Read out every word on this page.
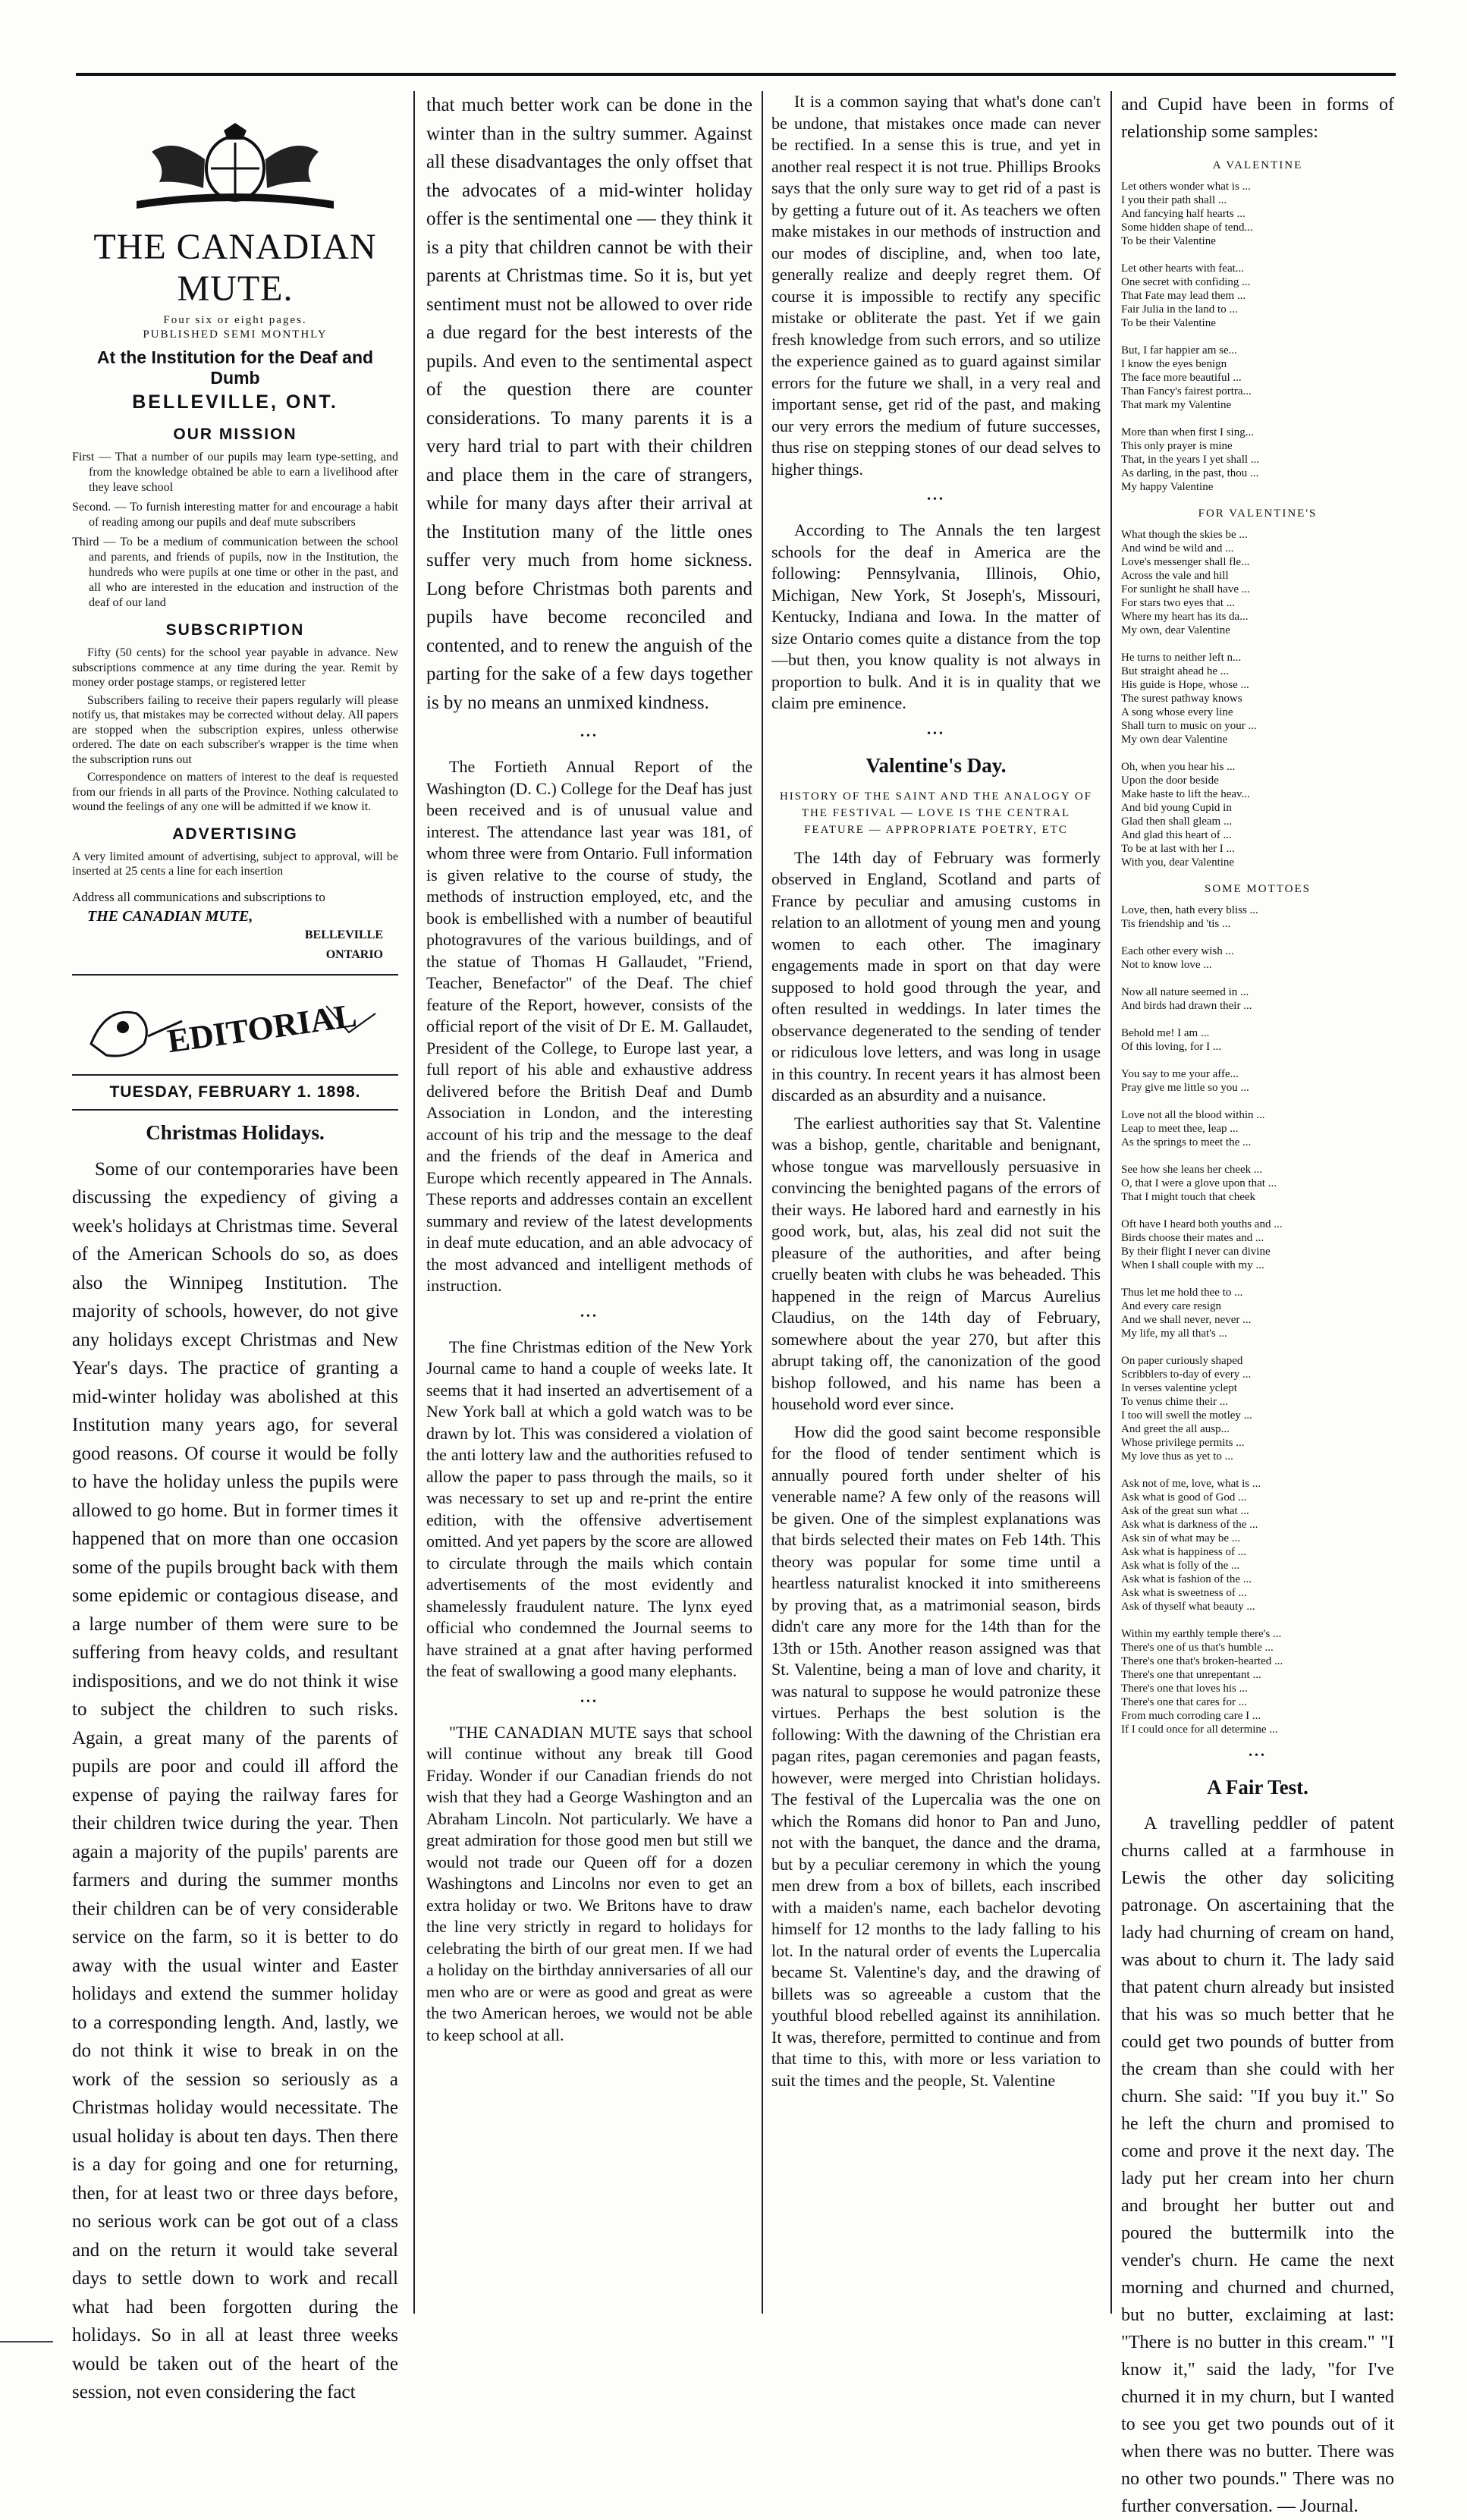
THE CANADIAN MUTE.
Four six or eight pages.
PUBLISHED SEMI MONTHLY
At the Institution for the Deaf and Dumb
BELLEVILLE, ONT.
OUR MISSION

First — That a number of our pupils may learn type-setting, and from the knowledge obtained be able to earn a livelihood after they leave school

Second. — To furnish interesting matter for and encourage a habit of reading among our pupils and deaf mute subscribers

Third — To be a medium of communication between the school and parents, and friends of pupils, now in the Institution, the hundreds who were pupils at one time or other in the past, and all who are interested in the education and instruction of the deaf of our land

SUBSCRIPTION

Fifty (50 cents) for the school year payable in advance. New subscriptions commence at any time during the year. Remit by money order postage stamps, or registered letter

Subscribers failing to receive their papers regularly will please notify us, that mistakes may be corrected without delay. All papers are stopped when the subscription expires, unless otherwise ordered. The date on each subscriber's wrapper is the time when the subscription runs out

Correspondence on matters of interest to the deaf is requested from our friends in all parts of the Province. Nothing calculated to wound the feelings of any one will be admitted if we know it.

ADVERTISING

A very limited amount of advertising, subject to approval, will be inserted at 25 cents a line for each insertion

Address all communications and subscriptions to
THE CANADIAN MUTE,
BELLEVILLE
ONTARIO
EDITORIAL
TUESDAY, FEBRUARY 1. 1898.
Christmas Holidays.

Some of our contemporaries have been discussing the expediency of giving a week's holidays at Christmas time. Several of the American Schools do so, as does also the Winnipeg Institution. The majority of schools, however, do not give any holidays except Christmas and New Year's days. The practice of granting a mid-winter holiday was abolished at this Institution many years ago, for several good reasons. Of course it would be folly to have the holiday unless the pupils were allowed to go home. But in former times it happened that on more than one occasion some of the pupils brought back with them some epidemic or contagious disease, and a large number of them were sure to be suffering from heavy colds, and resultant indispositions, and we do not think it wise to subject the children to such risks. Again, a great many of the parents of pupils are poor and could ill afford the expense of paying the railway fares for their children twice during the year. Then again a majority of the pupils' parents are farmers and during the summer months their children can be of very considerable service on the farm, so it is better to do away with the usual winter and Easter holidays and extend the summer holiday to a corresponding length. And, lastly, we do not think it wise to break in on the work of the session so seriously as a Christmas holiday would necessitate. The usual holiday is about ten days. Then there is a day for going and one for returning, then, for at least two or three days before, no serious work can be got out of a class and on the return it would take several days to settle down to work and recall what had been forgotten during the holidays. So in all at least three weeks would be taken out of the heart of the session, not even considering the fact

that much better work can be done in the winter than in the sultry summer. Against all these disadvantages the only offset that the advocates of a mid-winter holiday offer is the sentimental one — they think it is a pity that children cannot be with their parents at Christmas time. So it is, but yet sentiment must not be allowed to over ride a due regard for the best interests of the pupils. And even to the sentimental aspect of the question there are counter considerations. To many parents it is a very hard trial to part with their children and place them in the care of strangers, while for many days after their arrival at the Institution many of the little ones suffer very much from home sickness. Long before Christmas both parents and pupils have become reconciled and contented, and to renew the anguish of the parting for the sake of a few days together is by no means an unmixed kindness.

•••

The Fortieth Annual Report of the Washington (D. C.) College for the Deaf has just been received and is of unusual value and interest. The attendance last year was 181, of whom three were from Ontario. Full information is given relative to the course of study, the methods of instruction employed, etc, and the book is embellished with a number of beautiful photogravures of the various buildings, and of the statue of Thomas H Gallaudet, "Friend, Teacher, Benefactor" of the Deaf. The chief feature of the Report, however, consists of the official report of the visit of Dr E. M. Gallaudet, President of the College, to Europe last year, a full report of his able and exhaustive address delivered before the British Deaf and Dumb Association in London, and the interesting account of his trip and the message to the deaf and the friends of the deaf in America and Europe which recently appeared in The Annals. These reports and addresses contain an excellent summary and review of the latest developments in deaf mute education, and an able advocacy of the most advanced and intelligent methods of instruction.

•••

The fine Christmas edition of the New York Journal came to hand a couple of weeks late. It seems that it had inserted an advertisement of a New York ball at which a gold watch was to be drawn by lot. This was considered a violation of the anti lottery law and the authorities refused to allow the paper to pass through the mails, so it was necessary to set up and re-print the entire edition, with the offensive advertisement omitted. And yet papers by the score are allowed to circulate through the mails which contain advertisements of the most evidently and shamelessly fraudulent nature. The lynx eyed official who condemned the Journal seems to have strained at a gnat after having performed the feat of swallowing a good many elephants.

•••

"THE CANADIAN MUTE says that school will continue without any break till Good Friday. Wonder if our Canadian friends do not wish that they had a George Washington and an Abraham Lincoln. Not particularly. We have a great admiration for those good men but still we would not trade our Queen off for a dozen Washingtons and Lincolns nor even to get an extra holiday or two. We Britons have to draw the line very strictly in regard to holidays for celebrating the birth of our great men. If we had a holiday on the birthday anniversaries of all our men who are or were as good and great as were the two American heroes, we would not be able to keep school at all.

It is a common saying that what's done can't be undone, that mistakes once made can never be rectified. In a sense this is true, and yet in another real respect it is not true. Phillips Brooks says that the only sure way to get rid of a past is by getting a future out of it. As teachers we often make mistakes in our methods of instruction and our modes of discipline, and, when too late, generally realize and deeply regret them. Of course it is impossible to rectify any specific mistake or obliterate the past. Yet if we gain fresh knowledge from such errors, and so utilize the experience gained as to guard against similar errors for the future we shall, in a very real and important sense, get rid of the past, and making our very errors the medium of future successes, thus rise on stepping stones of our dead selves to higher things.

•••

According to The Annals the ten largest schools for the deaf in America are the following: Pennsylvania, Illinois, Ohio, Michigan, New York, St Joseph's, Missouri, Kentucky, Indiana and Iowa. In the matter of size Ontario comes quite a distance from the top—but then, you know quality is not always in proportion to bulk. And it is in quality that we claim pre eminence.

•••
Valentine's Day.
HISTORY OF THE SAINT AND THE ANALOGY OF THE FESTIVAL — LOVE IS THE CENTRAL FEATURE — APPROPRIATE POETRY, ETC

The 14th day of February was formerly observed in England, Scotland and parts of France by peculiar and amusing customs in relation to an allotment of young men and young women to each other. The imaginary engagements made in sport on that day were supposed to hold good through the year, and often resulted in weddings. In later times the observance degenerated to the sending of tender or ridiculous love letters, and was long in usage in this country. In recent years it has almost been discarded as an absurdity and a nuisance.

The earliest authorities say that St. Valentine was a bishop, gentle, charitable and benignant, whose tongue was marvellously persuasive in convincing the benighted pagans of the errors of their ways. He labored hard and earnestly in his good work, but, alas, his zeal did not suit the pleasure of the authorities, and after being cruelly beaten with clubs he was beheaded. This happened in the reign of Marcus Aurelius Claudius, on the 14th day of February, somewhere about the year 270, but after this abrupt taking off, the canonization of the good bishop followed, and his name has been a household word ever since.

How did the good saint become responsible for the flood of tender sentiment which is annually poured forth under shelter of his venerable name? A few only of the reasons will be given. One of the simplest explanations was that birds selected their mates on Feb 14th. This theory was popular for some time until a heartless naturalist knocked it into smithereens by proving that, as a matrimonial season, birds didn't care any more for the 14th than for the 13th or 15th. Another reason assigned was that St. Valentine, being a man of love and charity, it was natural to suppose he would patronize these virtues. Perhaps the best solution is the following: With the dawning of the Christian era pagan rites, pagan ceremonies and pagan feasts, however, were merged into Christian holidays. The festival of the Lupercalia was the one on which the Romans did honor to Pan and Juno, not with the banquet, the dance and the drama, but by a peculiar ceremony in which the young men drew from a box of billets, each inscribed with a maiden's name, each bachelor devoting himself for 12 months to the lady falling to his lot. In the natural order of events the Lupercalia became St. Valentine's day, and the drawing of billets was so agreeable a custom that the youthful blood rebelled against its annihilation. It was, therefore, permitted to continue and from that time to this, with more or less variation to suit the times and the people, St. Valentine

and Cupid have been in forms of relationship some samples:

A VALENTINE
Let others wonder what is ...
I you their path shall ...
And fancying half hearts ...
Some hidden shape of tend...
To be their Valentine

Let other hearts with feat...
One secret with confiding ...
That Fate may lead them ...
Fair Julia in the land to ...
To be their Valentine

But, I far happier am se...
I know the eyes benign
The face more beautiful ...
Than Fancy's fairest portra...
That mark my Valentine

More than when first I sing...
This only prayer is mine
That, in the years I yet shall ...
As darling, in the past, thou ...
My happy Valentine
FOR VALENTINE'S
What though the skies be ...
And wind be wild and ...
Love's messenger shall fle...
Across the vale and hill
For sunlight he shall have ...
For stars two eyes that ...
Where my heart has its da...
My own, dear Valentine

He turns to neither left n...
But straight ahead he ...
His guide is Hope, whose ...
The surest pathway knows
A song whose every line
Shall turn to music on your ...
My own dear Valentine

Oh, when you hear his ...
Upon the door beside
Make haste to lift the heav...
And bid young Cupid in
Glad then shall gleam ...
And glad this heart of ...
To be at last with her I ...
With you, dear Valentine
SOME MOTTOES
Love, then, hath every bliss ...
Tis friendship and 'tis ...

Each other every wish ...
Not to know love ...

Now all nature seemed in ...
And birds had drawn their ...

Behold me! I am ...
Of this loving, for I ...

You say to me your affe...
Pray give me little so you ...

Love not all the blood within ...
Leap to meet thee, leap ...
As the springs to meet the ...

See how she leans her cheek ...
O, that I were a glove upon that ...
That I might touch that cheek

Oft have I heard both youths and ...
Birds choose their mates and ...
By their flight I never can divine
When I shall couple with my ...

Thus let me hold thee to ...
And every care resign
And we shall never, never ...
My life, my all that's ...

On paper curiously shaped
Scribblers to-day of every ...
In verses valentine yclept
To venus chime their ...
I too will swell the motley ...
And greet the all ausp...
Whose privilege permits ...
My love thus as yet to ...

Ask not of me, love, what is ...
Ask what is good of God ...
Ask of the great sun what ...
Ask what is darkness of the ...
Ask sin of what may be ...
Ask what is happiness of ...
Ask what is folly of the ...
Ask what is fashion of the ...
Ask what is sweetness of ...
Ask of thyself what beauty ...

Within my earthly temple there's ...
There's one of us that's humble ...
There's one that's broken-hearted ...
There's one that unrepentant ...
There's one that loves his ...
There's one that cares for ...
From much corroding care I ...
If I could once for all determine ...
•••
A Fair Test.

A travelling peddler of patent churns called at a farmhouse in Lewis the other day soliciting patronage. On ascertaining that the lady had churning of cream on hand, was about to churn it. The lady said that patent churn already but insisted that his was so much better that he could get two pounds of butter from the cream than she could with her churn. She said: "If you buy it." So he left the churn and promised to come and prove it the next day. The lady put her cream into her churn and brought her butter out and poured the buttermilk into the vender's churn. He came the next morning and churned and churned, but no butter, exclaiming at last: "There is no butter in this cream." "I know it," said the lady, "for I've churned it in my churn, but I wanted to see you get two pounds out of it when there was no butter. There was no other two pounds." There was no further conversation. — Journal.
